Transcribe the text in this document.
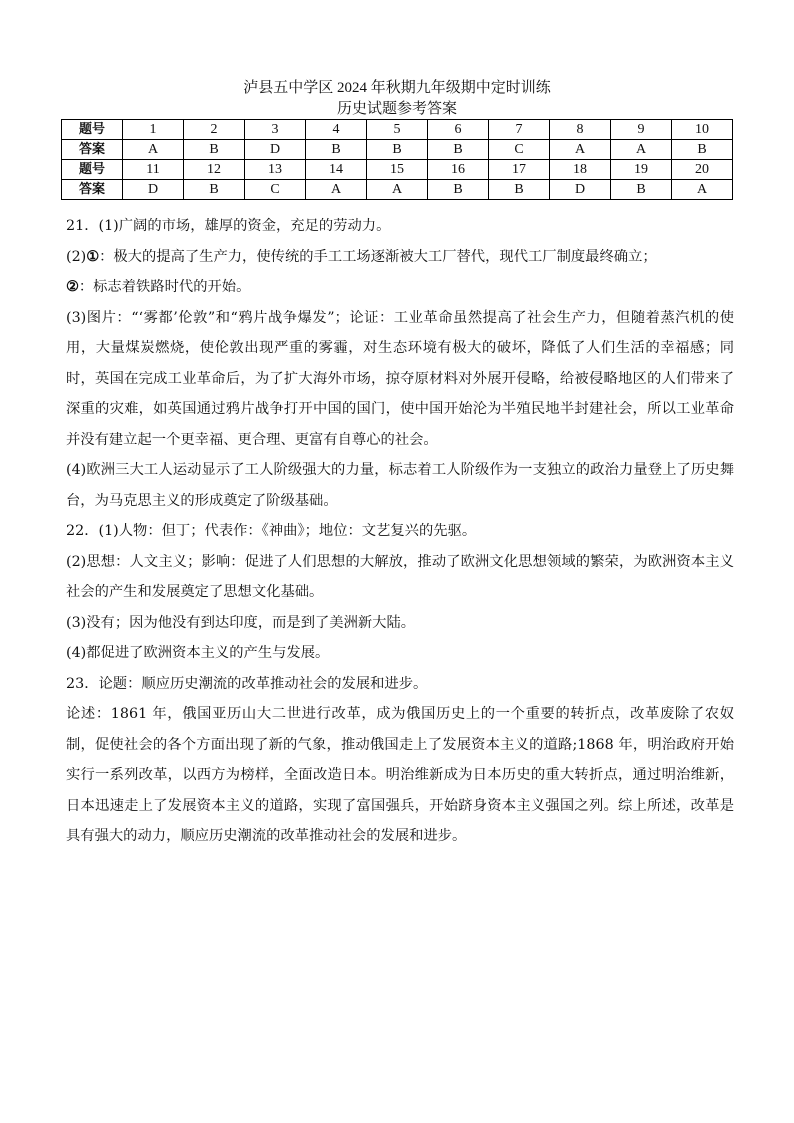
泸县五中学区 2024 年秋期九年级期中定时训练
历史试题参考答案
题号	1	2	3	4	5	6	7	8	9	10
答案	A	B	D	B	B	B	C	A	A	B
题号	11	12	13	14	15	16	17	18	19	20
答案	D	B	C	A	A	B	B	D	B	A

21．(1)广阔的市场，雄厚的资金，充足的劳动力。

(2)①：极大的提高了生产力，使传统的手工工场逐渐被大工厂替代，现代工厂制度最终确立；
②：标志着铁路时代的开始。

(3)图片：“‘雾都’伦敦”和“鸦片战争爆发”；论证：工业革命虽然提高了社会生产力，但随着蒸汽机的使用，大量煤炭燃烧，使伦敦出现严重的雾霾，对生态环境有极大的破坏，降低了人们生活的幸福感；同时，英国在完成工业革命后，为了扩大海外市场，掠夺原材料对外展开侵略，给被侵略地区的人们带来了深重的灾难，如英国通过鸦片战争打开中国的国门，使中国开始沦为半殖民地半封建社会，所以工业革命并没有建立起一个更幸福、更合理、更富有自尊心的社会。

(4)欧洲三大工人运动显示了工人阶级强大的力量，标志着工人阶级作为一支独立的政治力量登上了历史舞台，为马克思主义的形成奠定了阶级基础。

22．(1)人物：但丁；代表作：《神曲》；地位：文艺复兴的先驱。

(2)思想：人文主义；影响：促进了人们思想的大解放，推动了欧洲文化思想领域的繁荣，为欧洲资本主义社会的产生和发展奠定了思想文化基础。

(3)没有；因为他没有到达印度，而是到了美洲新大陆。

(4)都促进了欧洲资本主义的产生与发展。

23．论题：顺应历史潮流的改革推动社会的发展和进步。

论述：1861 年，俄国亚历山大二世进行改革，成为俄国历史上的一个重要的转折点，改革废除了农奴制，促使社会的各个方面出现了新的气象，推动俄国走上了发展资本主义的道路;1868 年，明治政府开始实行一系列改革，以西方为榜样，全面改造日本。明治维新成为日本历史的重大转折点，通过明治维新，日本迅速走上了发展资本主义的道路，实现了富国强兵，开始跻身资本主义强国之列。综上所述，改革是具有强大的动力，顺应历史潮流的改革推动社会的发展和进步。
